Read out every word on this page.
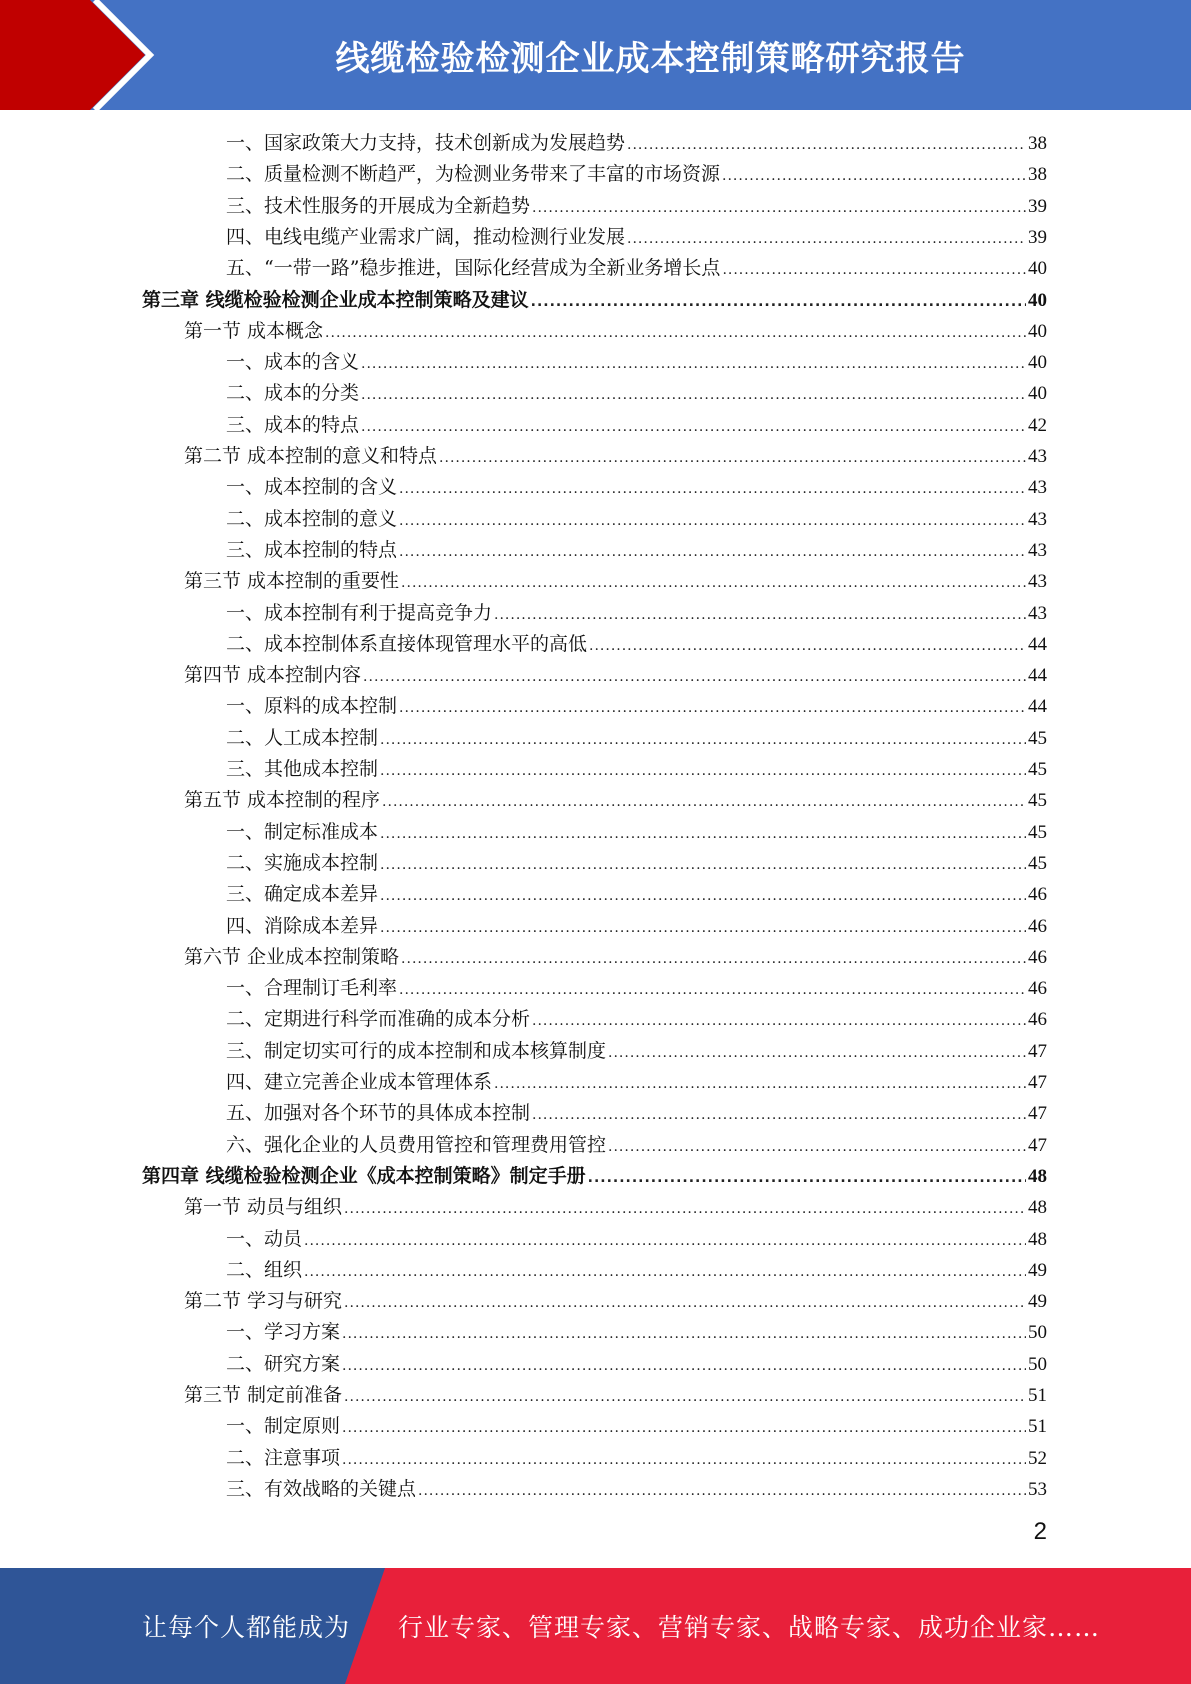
线缆检验检测企业成本控制策略研究报告
一、国家政策大力支持，技术创新成为发展趋势 .....	38
二、质量检测不断趋严，为检测业务带来了丰富的市场资源 .....	38
三、技术性服务的开展成为全新趋势 .....	39
四、电线电缆产业需求广阔，推动检测行业发展 .....	39
五、“一带一路”稳步推进，国际化经营成为全新业务增长点 .....	40
第三章 线缆检验检测企业成本控制策略及建议 .....	40
第一节 成本概念 .....	40
一、成本的含义 .....	40
二、成本的分类 .....	40
三、成本的特点 .....	42
第二节 成本控制的意义和特点 .....	43
一、成本控制的含义 .....	43
二、成本控制的意义 .....	43
三、成本控制的特点 .....	43
第三节 成本控制的重要性 .....	43
一、成本控制有利于提高竞争力 .....	43
二、成本控制体系直接体现管理水平的高低 .....	44
第四节 成本控制内容 .....	44
一、原料的成本控制 .....	44
二、人工成本控制 .....	45
三、其他成本控制 .....	45
第五节 成本控制的程序 .....	45
一、制定标准成本 .....	45
二、实施成本控制 .....	45
三、确定成本差异 .....	46
四、消除成本差异 .....	46
第六节 企业成本控制策略 .....	46
一、合理制订毛利率 .....	46
二、定期进行科学而准确的成本分析 .....	46
三、制定切实可行的成本控制和成本核算制度 .....	47
四、建立完善企业成本管理体系 .....	47
五、加强对各个环节的具体成本控制 .....	47
六、强化企业的人员费用管控和管理费用管控 .....	47
第四章 线缆检验检测企业《成本控制策略》制定手册 .....	48
第一节 动员与组织 .....	48
一、动员 .....	48
二、组织 .....	49
第二节 学习与研究 .....	49
一、学习方案 .....	50
二、研究方案 .....	50
第三节 制定前准备 .....	51
一、制定原则 .....	51
二、注意事项 .....	52
三、有效战略的关键点 .....	53
2
让每个人都能成为 行业专家、管理专家、营销专家、战略专家、成功企业家……
